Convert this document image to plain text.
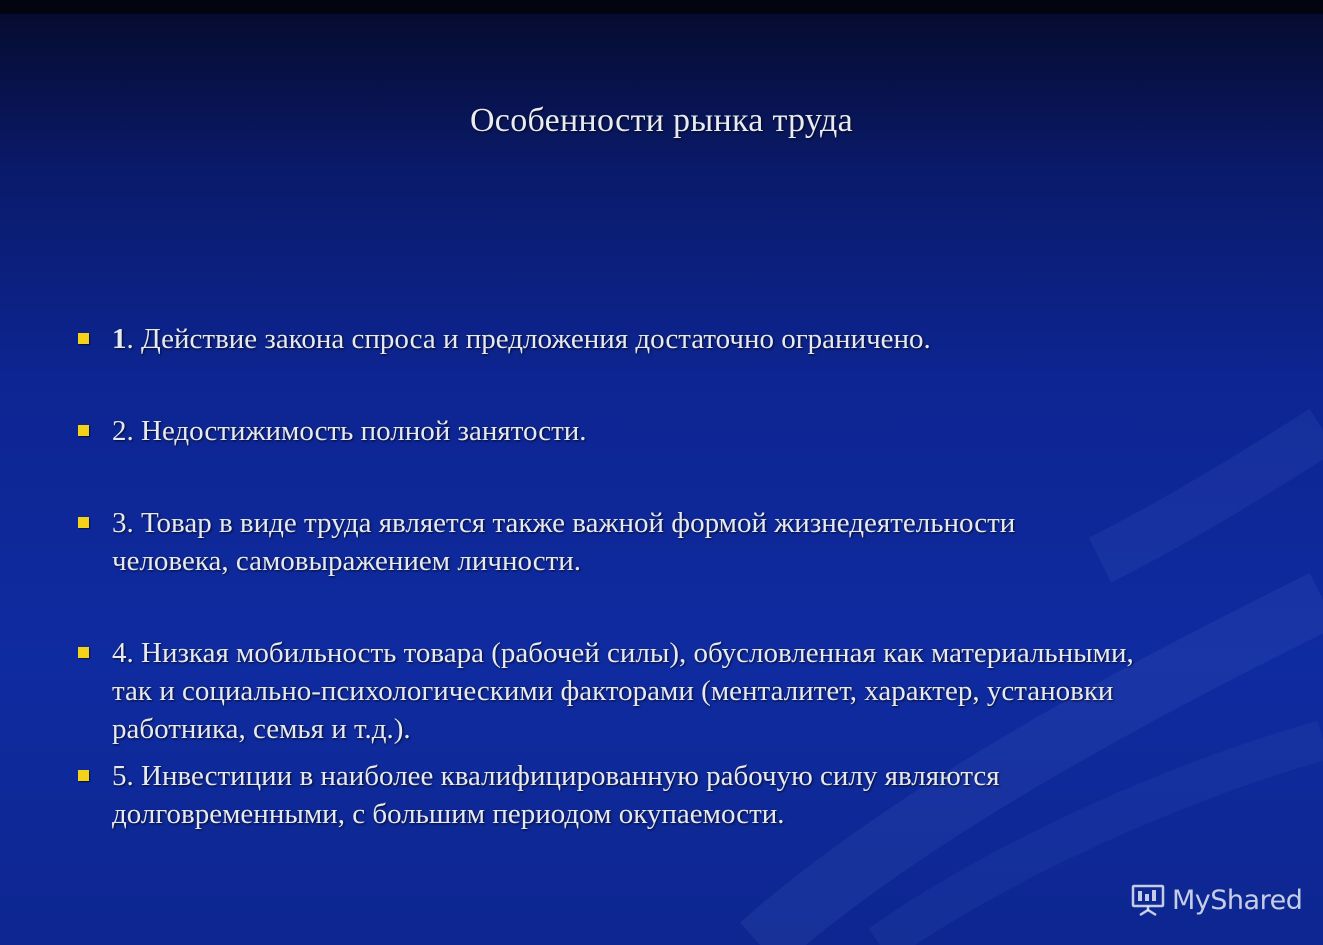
Особенности рынка труда
1. Действие закона спроса и предложения достаточно ограничено.
2. Недостижимость полной занятости.
3. Товар в виде труда является также важной формой жизнедеятельности
человека, самовыражением личности.
4. Низкая мобильность товара (рабочей силы), обусловленная как материальными,
так и социально-психологическими факторами (менталитет, характер, установки
работника, семья и т.д.).
5. Инвестиции в наиболее квалифицированную рабочую силу являются
долговременными, с большим периодом окупаемости.
MyShared
